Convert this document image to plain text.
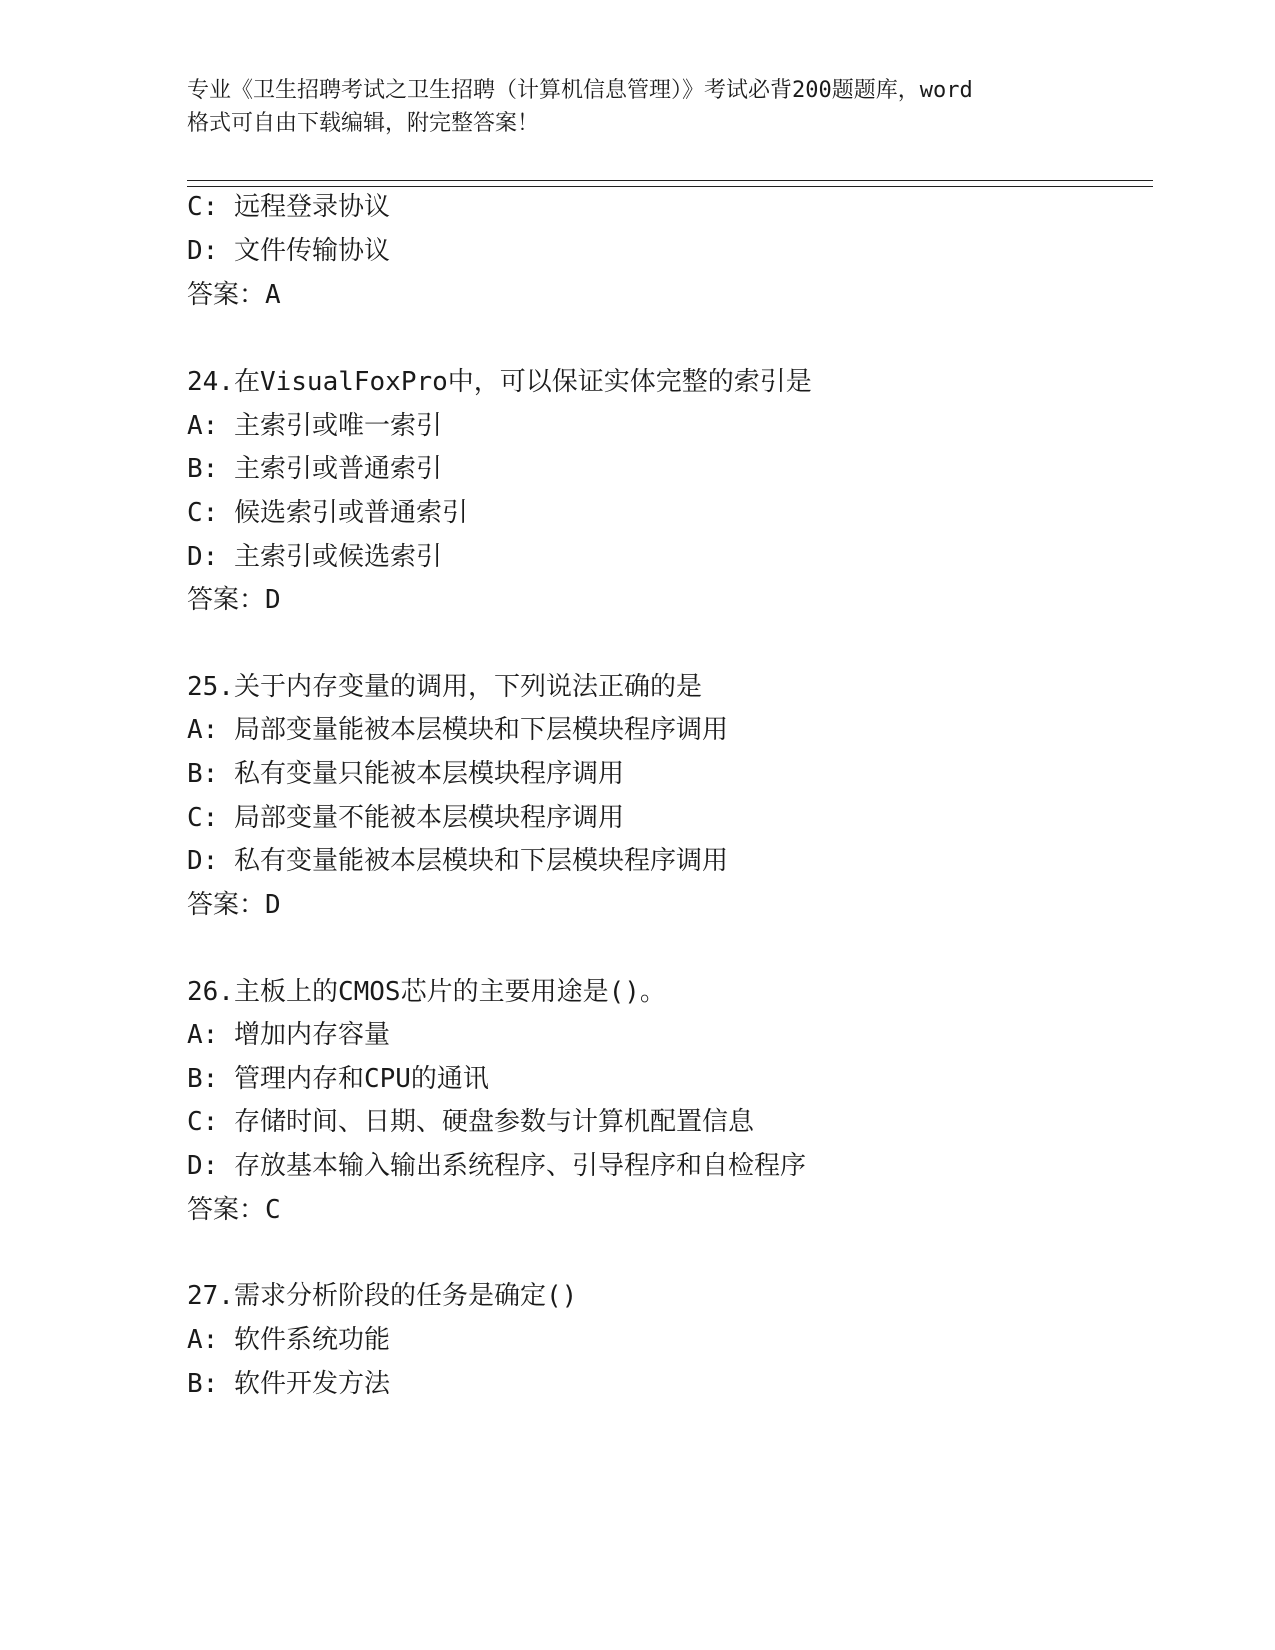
专业《卫生招聘考试之卫生招聘（计算机信息管理）》考试必背200题题库，word
格式可自由下载编辑，附完整答案！
C: 远程登录协议
D: 文件传输协议
答案：A
24.在VisualFoxPro中，可以保证实体完整的索引是
A: 主索引或唯一索引
B: 主索引或普通索引
C: 候选索引或普通索引
D: 主索引或候选索引
答案：D
25.关于内存变量的调用，下列说法正确的是
A: 局部变量能被本层模块和下层模块程序调用
B: 私有变量只能被本层模块程序调用
C: 局部变量不能被本层模块程序调用
D: 私有变量能被本层模块和下层模块程序调用
答案：D
26.主板上的CMOS芯片的主要用途是()。
A: 增加内存容量
B: 管理内存和CPU的通讯
C: 存储时间、日期、硬盘参数与计算机配置信息
D: 存放基本输入输出系统程序、引导程序和自检程序
答案：C
27.需求分析阶段的任务是确定()
A: 软件系统功能
B: 软件开发方法
